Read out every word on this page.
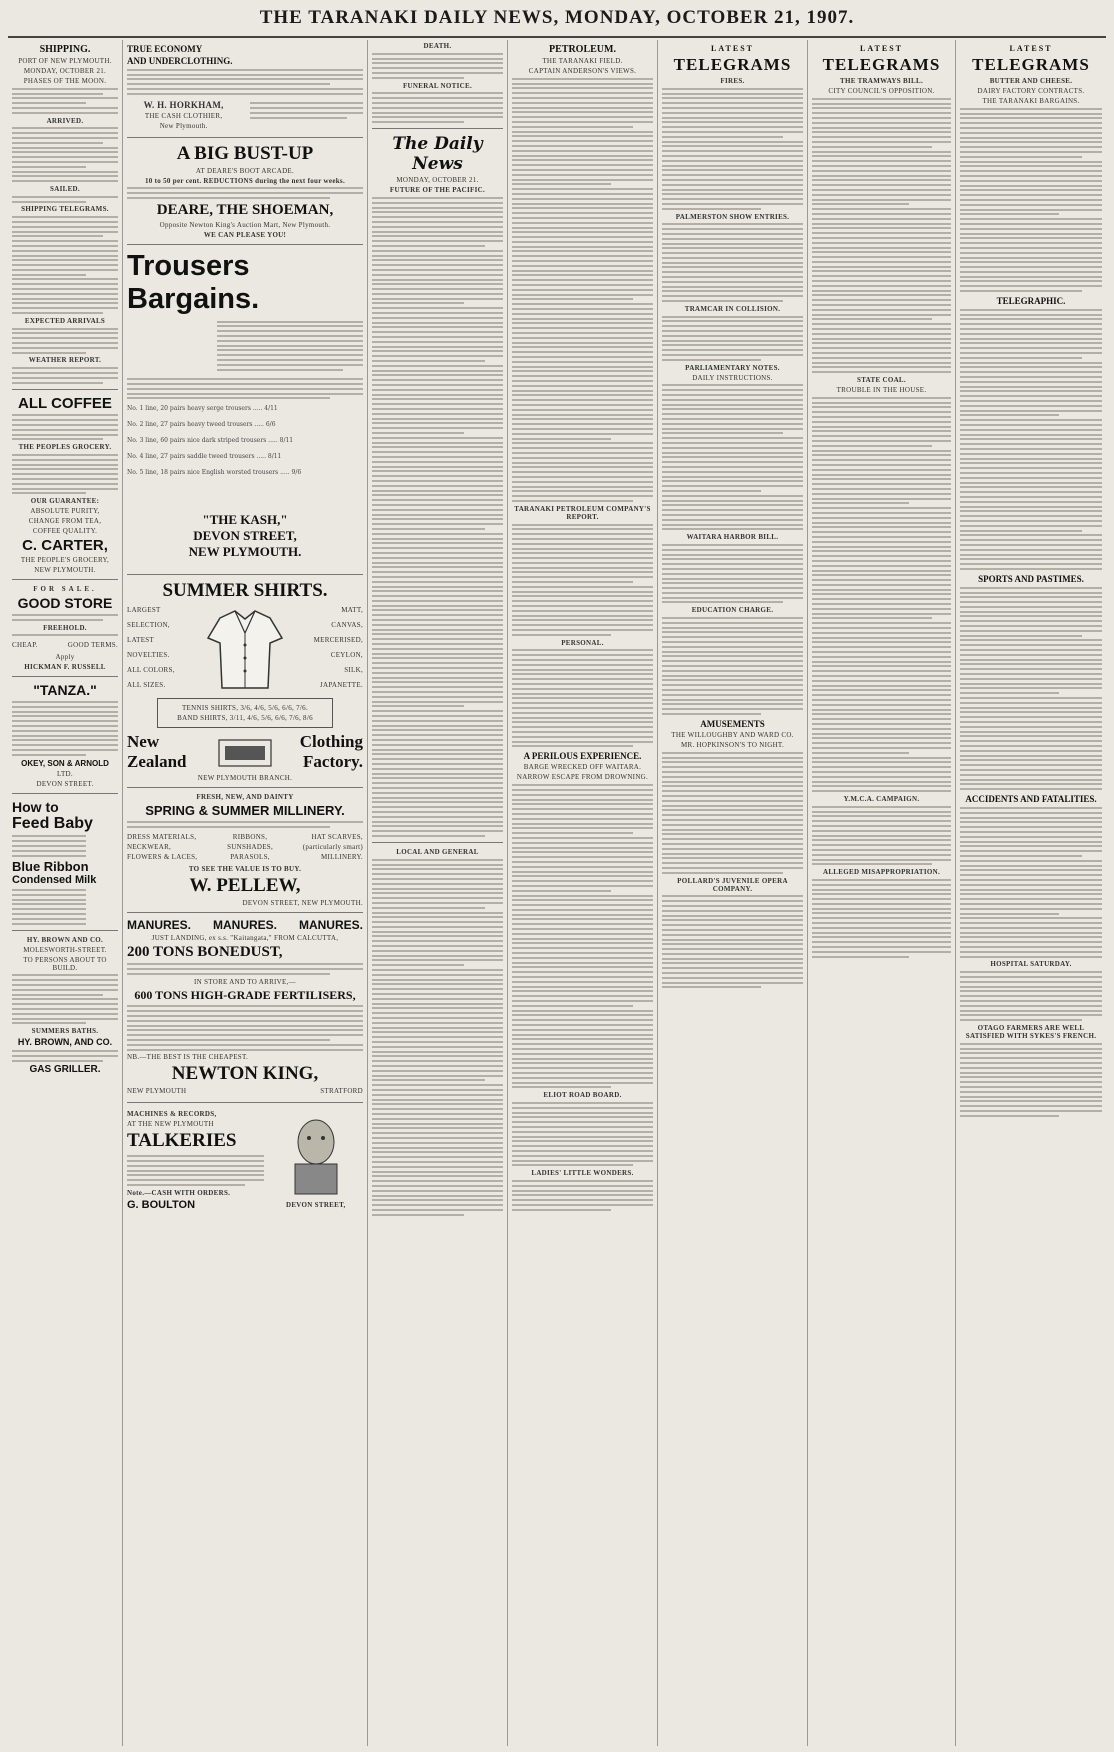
THE TARANAKI DAILY NEWS, MONDAY, OCTOBER 21, 1907.
SHIPPING.
PORT OF NEW PLYMOUTH.
MONDAY, OCTOBER 21.
PHASES OF THE MOON.
ARRIVED.
SAILED.
SHIPPING TELEGRAMS.
EXPECTED ARRIVALS
WEATHER REPORT.
ALL COFFEE
THE PEOPLES GROCERY.
OUR GUARANTEE:
ABSOLUTE PURITY,
CHANGE FROM TEA,
COFFEE QUALITY.
C. CARTER,
THE PEOPLE'S GROCERY,
NEW PLYMOUTH.
FOR SALE.
GOOD STORE
FREEHOLD.
CHEAP.	GOOD TERMS.
Apply
HICKMAN F. RUSSELL
"TANZA."
OKEY, SON & ARNOLD
LTD.
DEVON STREET.
How to
Feed Baby
Blue Ribbon
Condensed Milk
HY. BROWN AND CO.
MOLESWORTH-STREET.
TO PERSONS ABOUT TO BUILD.
SUMMERS BATHS.
HY. BROWN, AND CO.
GAS GRILLER.
TRUE ECONOMY
AND UNDERCLOTHING.
W. H. HORKHAM,
THE CASH CLOTHIER,
New Plymouth.
A BIG BUST-UP
AT DEARE'S BOOT ARCADE.
10 to 50 per cent. REDUCTIONS during the next four weeks.
DEARE, THE SHOEMAN,
Opposite Newton King's Auction Mart, New Plymouth.
WE CAN PLEASE YOU!
Trousers
Bargains.
No. 1 line, 20 pairs heavy serge trousers ..... 4/11
No. 2 line, 27 pairs heavy tweed trousers ..... 6/6
No. 3 line, 60 pairs nice dark striped trousers ..... 8/11
No. 4 line, 27 pairs saddle tweed trousers ..... 8/11
No. 5 line, 18 pairs nice English worsted trousers ..... 9/6
"THE KASH,"
DEVON STREET,
NEW PLYMOUTH.
SUMMER SHIRTS.
LARGEST
SELECTION,
LATEST
NOVELTIES.
ALL COLORS,
ALL SIZES.
MATT,
CANVAS,
MERCERISED,
CEYLON,
SILK,
JAPANETTE.
TENNIS SHIRTS, 3/6, 4/6, 5/6, 6/6, 7/6.
BAND SHIRTS, 3/11, 4/6, 5/6, 6/6, 7/6, 8/6
New Zealand
Clothing Factory.
NEW PLYMOUTH BRANCH.
FRESH, NEW, AND DAINTY
SPRING & SUMMER MILLINERY.
DRESS MATERIALS,
NECKWEAR,
FLOWERS & LACES,
RIBBONS,
SUNSHADES,
PARASOLS,
HAT SCARVES,
(particularly smart)
MILLINERY.
TO SEE THE VALUE IS TO BUY.
W. PELLEW,
DEVON STREET, NEW PLYMOUTH.
MANURES. MANURES. MANURES.
JUST LANDING, ex s.s. "Kaitangata," FROM CALCUTTA,
200 TONS BONEDUST,
IN STORE AND TO ARRIVE,—
600 TONS HIGH-GRADE FERTILISERS,
NB.—THE BEST IS THE CHEAPEST.
NEWTON KING,
NEW PLYMOUTH	STRATFORD
MACHINES & RECORDS,
AT THE NEW PLYMOUTH
TALKERIES
Note.—CASH WITH ORDERS.
G. BOULTON	DEVON STREET,
DEATH.
FUNERAL NOTICE.
The Daily News
MONDAY, OCTOBER 21.
FUTURE OF THE PACIFIC.
LOCAL AND GENERAL
PETROLEUM.
THE TARANAKI FIELD.
CAPTAIN ANDERSON'S VIEWS.
TARANAKI PETROLEUM COMPANY'S REPORT.
PERSONAL.
A PERILOUS EXPERIENCE.
BARGE WRECKED OFF WAITARA.
NARROW ESCAPE FROM DROWNING.
ELIOT ROAD BOARD.
LADIES' LITTLE WONDERS.
LATEST
TELEGRAMS
FIRES.
PALMERSTON SHOW ENTRIES.
TRAMCAR IN COLLISION.
PARLIAMENTARY NOTES.
DAILY INSTRUCTIONS.
WAITARA HARBOR BILL.
EDUCATION CHARGE.
AMUSEMENTS
THE WILLOUGHBY AND WARD CO.
MR. HOPKINSON'S TO NIGHT.
POLLARD'S JUVENILE OPERA COMPANY.
LATEST
TELEGRAMS
THE TRAMWAYS BILL.
CITY COUNCIL'S OPPOSITION.
STATE COAL.
TROUBLE IN THE HOUSE.
Y.M.C.A. CAMPAIGN.
ALLEGED MISAPPROPRIATION.
LATEST
TELEGRAMS
BUTTER AND CHEESE.
DAIRY FACTORY CONTRACTS.
THE TARANAKI BARGAINS.
TELEGRAPHIC.
SPORTS AND PASTIMES.
ACCIDENTS AND FATALITIES.
HOSPITAL SATURDAY.
OTAGO FARMERS ARE WELL SATISFIED WITH SYKES'S FRENCH.
